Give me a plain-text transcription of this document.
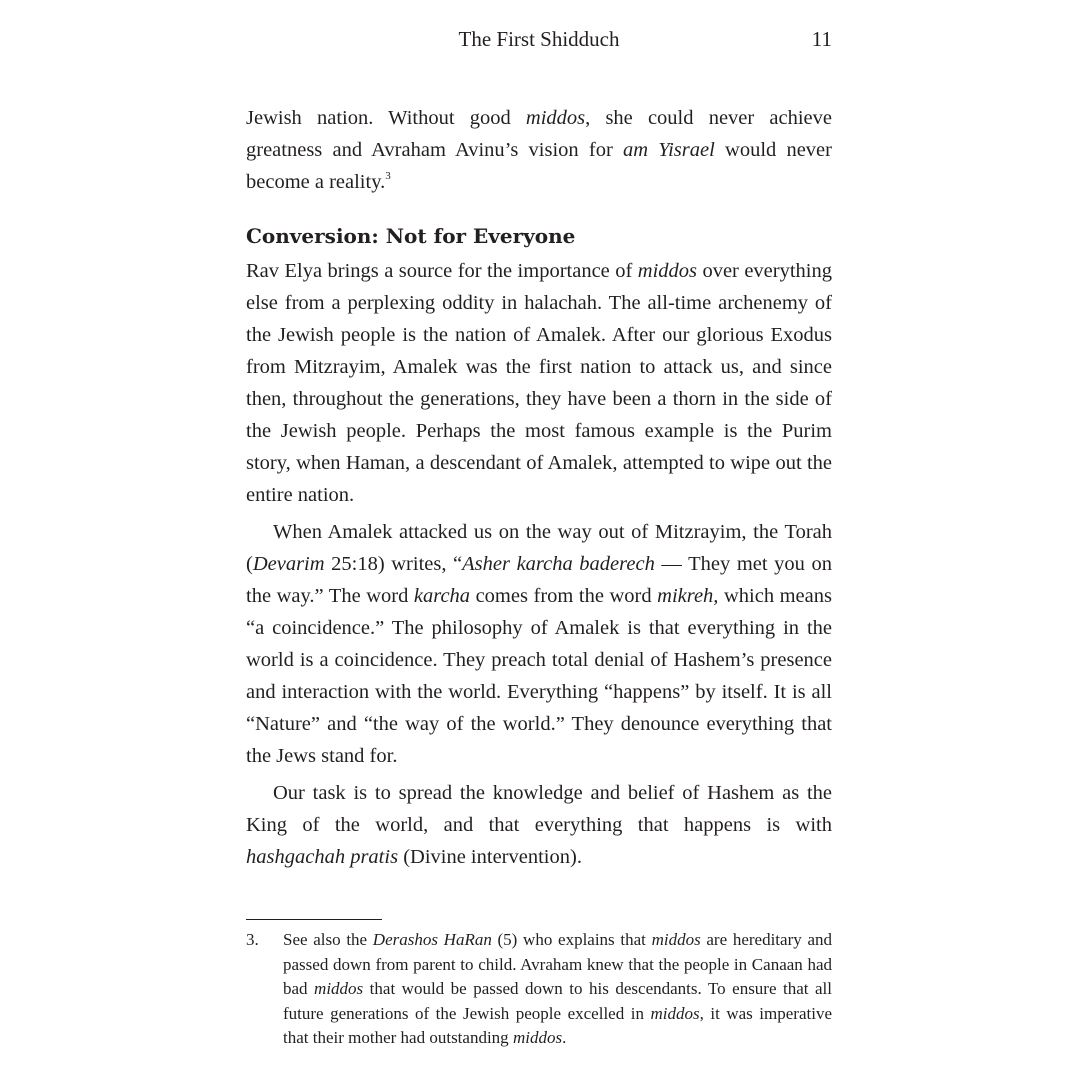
The First Shidduch	11

Jewish nation. Without good middos, she could never achieve greatness and Avraham Avinu’s vision for am Yisrael would never become a reality.$^3$

Conversion: Not for Everyone

Rav Elya brings a source for the importance of middos over everything else from a perplexing oddity in halachah. The all-time archenemy of the Jewish people is the nation of Amalek. After our glorious Exodus from Mitzrayim, Amalek was the first nation to attack us, and since then, throughout the generations, they have been a thorn in the side of the Jewish people. Perhaps the most famous example is the Purim story, when Haman, a descendant of Amalek, attempted to wipe out the entire nation.

When Amalek attacked us on the way out of Mitzrayim, the Torah (Devarim 25:18) writes, “Asher karcha baderech — They met you on the way.” The word karcha comes from the word mikreh, which means “a coincidence.” The philosophy of Amalek is that everything in the world is a coincidence. They preach total denial of Hashem’s presence and interaction with the world. Everything “happens” by itself. It is all “Nature” and “the way of the world.” They denounce everything that the Jews stand for.

Our task is to spread the knowledge and belief of Hashem as the King of the world, and that everything that happens is with hashgachah pratis (Divine intervention).

3. See also the Derashos HaRan (5) who explains that middos are hereditary and passed down from parent to child. Avraham knew that the people in Canaan had bad middos that would be passed down to his descendants. To ensure that all future generations of the Jewish people excelled in middos, it was imperative that their mother had outstanding middos.
